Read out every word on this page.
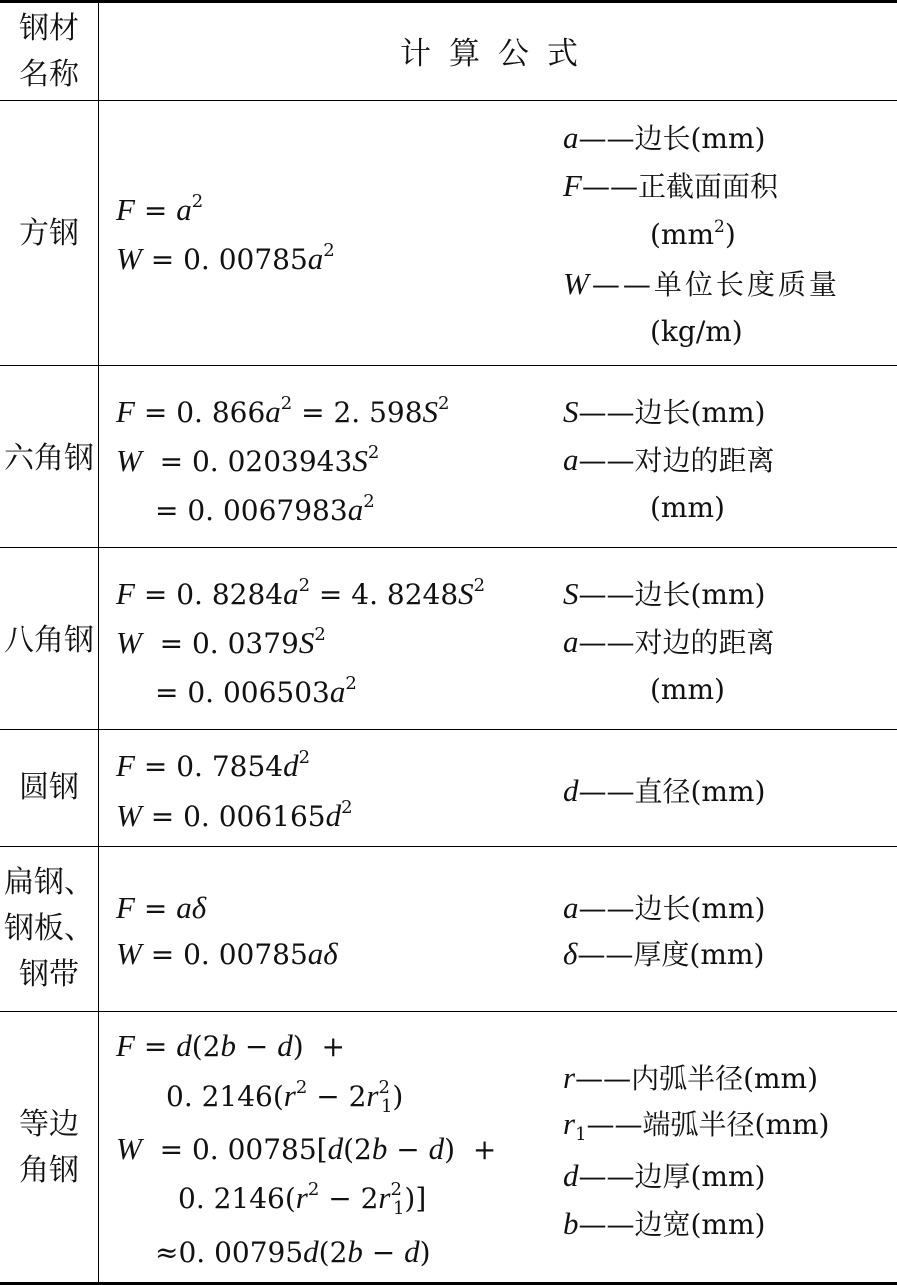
钢材
名称
计算公式
方钢
$F = a^2$
W = 0. $00785a^2$
a——边长(mm)
F——正截面面积
$(mm^2)$
W——单位长度质量
(kg/m)
六角钢
F = 0. $866a^2 = 2$. $598S^2$
W  = 0. $0203943S^2$
= 0. $0067983a^2$
S——边长(mm)
a——对边的距离
(mm)
八角钢
F = 0. $8284a^2 = 4$. $8248S^2$
W  = 0. $0379S^2$
= 0. $006503a^2$
S——边长(mm)
a——对边的距离
(mm)
圆钢
F = 0. $7854d^2$
W = 0. $006165d^2$	d——直径(mm)
扁钢、
钢板、
钢带
F = aδ
W = 0. 00785aδ
a——边长(mm)
δ——厚度(mm)
等边
角钢
F = d(2b − d)  +
0. $2146(r^2 - 2r^2_1)$
W  = 0. 00785[d(2b − d)  +
0. $2146(r^2 - 2r^2_1)$]
≈0. 00795d(2b − d)
r——内弧半径(mm)
$r_1——$端弧半径(mm)
d——边厚(mm)
b——边宽(mm)
